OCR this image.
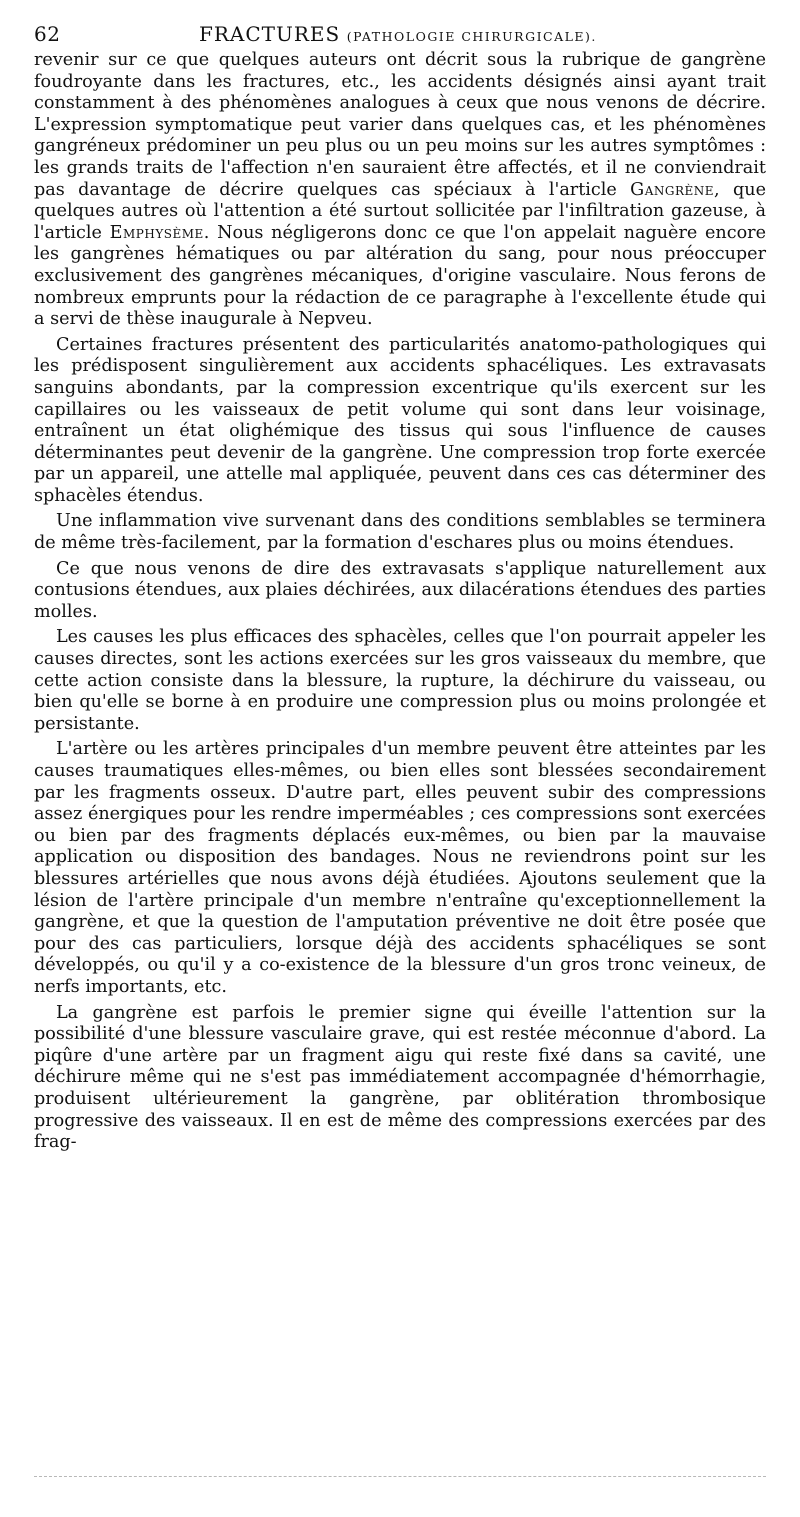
62	FRACTURES (PATHOLOGIE CHIRURGICALE).

revenir sur ce que quelques auteurs ont décrit sous la rubrique de gangrène foudroyante dans les fractures, etc., les accidents désignés ainsi ayant trait constamment à des phénomènes analogues à ceux que nous venons de décrire. L'expression symptomatique peut varier dans quelques cas, et les phénomènes gangréneux prédominer un peu plus ou un peu moins sur les autres symptômes : les grands traits de l'affection n'en sauraient être affectés, et il ne conviendrait pas davantage de décrire quelques cas spéciaux à l'article Gangrène, que quelques autres où l'attention a été surtout sollicitée par l'infiltration gazeuse, à l'article Emphysème. Nous négligerons donc ce que l'on appelait naguère encore les gangrènes hématiques ou par altération du sang, pour nous préoccuper exclusivement des gangrènes mécaniques, d'origine vasculaire. Nous ferons de nombreux emprunts pour la rédaction de ce paragraphe à l'excellente étude qui a servi de thèse inaugurale à Nepveu.

Certaines fractures présentent des particularités anatomo-pathologiques qui les prédisposent singulièrement aux accidents sphacéliques. Les extravasats sanguins abondants, par la compression excentrique qu'ils exercent sur les capillaires ou les vaisseaux de petit volume qui sont dans leur voisinage, entraînent un état olighémique des tissus qui sous l'influence de causes déterminantes peut devenir de la gangrène. Une compression trop forte exercée par un appareil, une attelle mal appliquée, peuvent dans ces cas déterminer des sphacèles étendus.

Une inflammation vive survenant dans des conditions semblables se terminera de même très-facilement, par la formation d'eschares plus ou moins étendues.

Ce que nous venons de dire des extravasats s'applique naturellement aux contusions étendues, aux plaies déchirées, aux dilacérations étendues des parties molles.

Les causes les plus efficaces des sphacèles, celles que l'on pourrait appeler les causes directes, sont les actions exercées sur les gros vaisseaux du membre, que cette action consiste dans la blessure, la rupture, la déchirure du vaisseau, ou bien qu'elle se borne à en produire une compression plus ou moins prolongée et persistante.

L'artère ou les artères principales d'un membre peuvent être atteintes par les causes traumatiques elles-mêmes, ou bien elles sont blessées secondairement par les fragments osseux. D'autre part, elles peuvent subir des compressions assez énergiques pour les rendre imperméables ; ces compressions sont exercées ou bien par des fragments déplacés eux-mêmes, ou bien par la mauvaise application ou disposition des bandages. Nous ne reviendrons point sur les blessures artérielles que nous avons déjà étudiées. Ajoutons seulement que la lésion de l'artère principale d'un membre n'entraîne qu'exceptionnellement la gangrène, et que la question de l'amputation préventive ne doit être posée que pour des cas particuliers, lorsque déjà des accidents sphacéliques se sont développés, ou qu'il y a co-existence de la blessure d'un gros tronc veineux, de nerfs importants, etc.

La gangrène est parfois le premier signe qui éveille l'attention sur la possibilité d'une blessure vasculaire grave, qui est restée méconnue d'abord. La piqûre d'une artère par un fragment aigu qui reste fixé dans sa cavité, une déchirure même qui ne s'est pas immédiatement accompagnée d'hémorrhagie, produisent ultérieurement la gangrène, par oblitération thrombosique progressive des vaisseaux. Il en est de même des compressions exercées par des frag-
